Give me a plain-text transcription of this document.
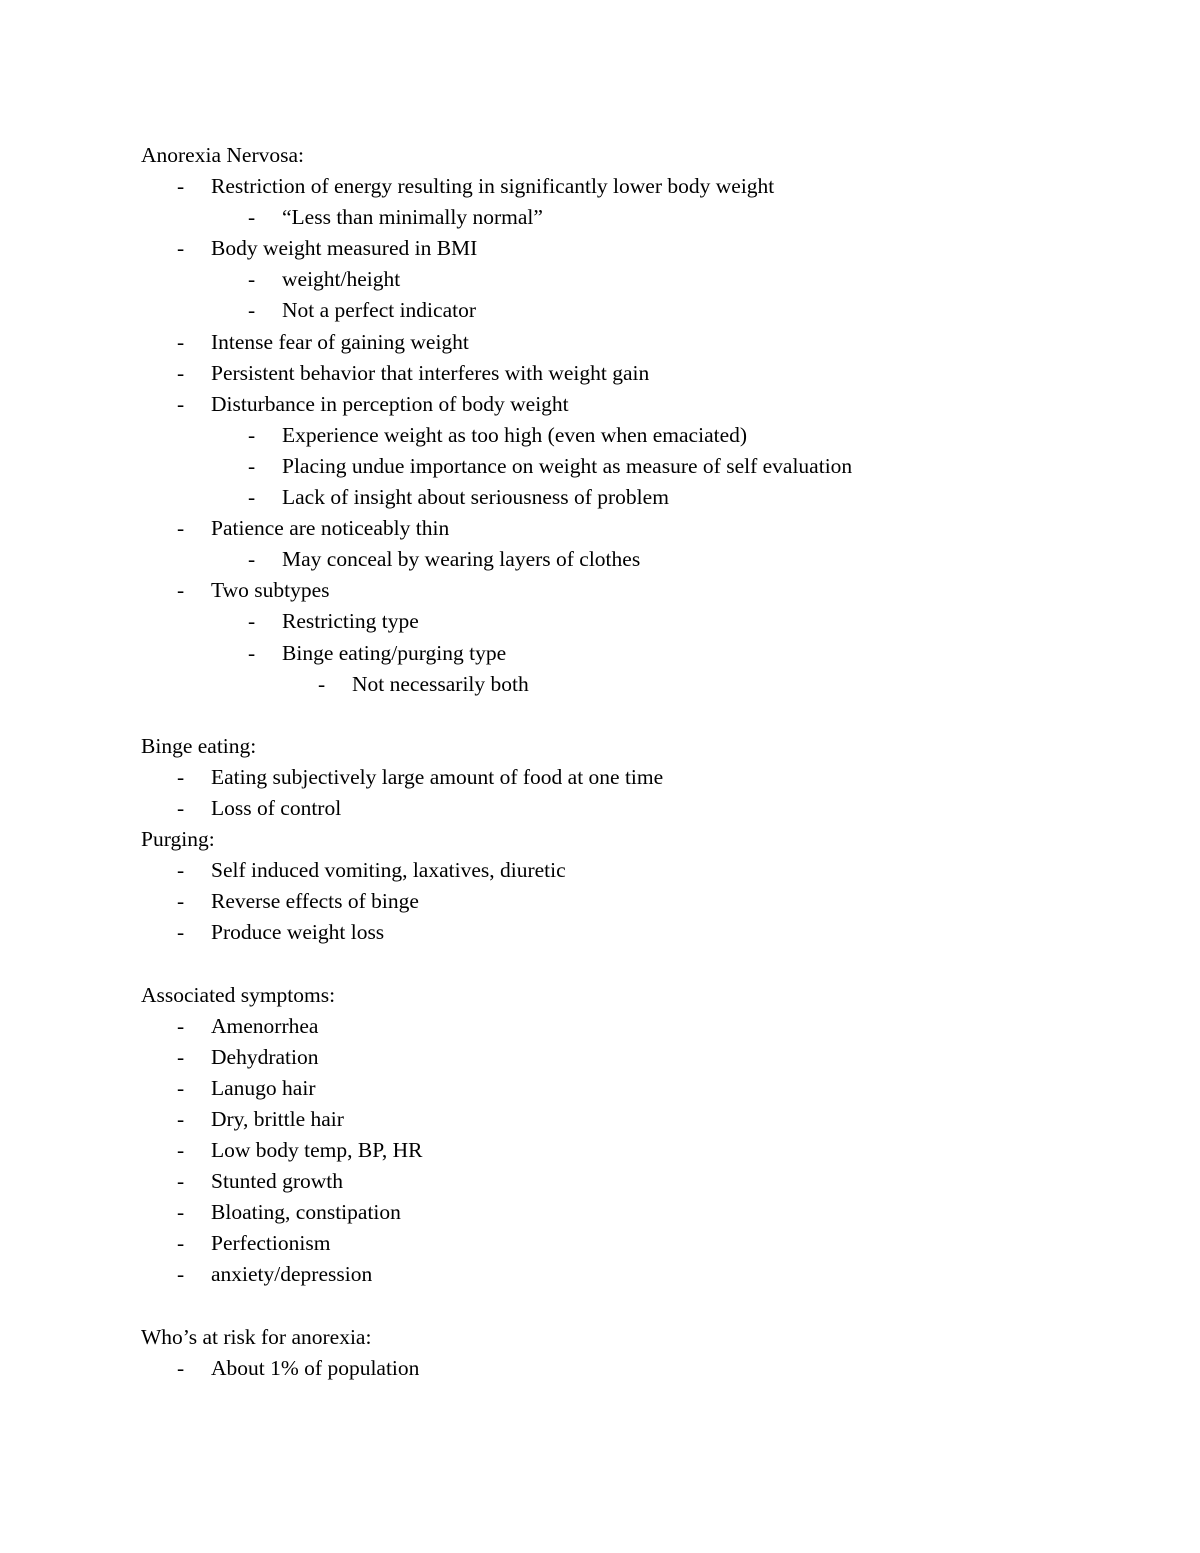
Anorexia Nervosa:
- Restriction of energy resulting in significantly lower body weight
- “Less than minimally normal”
- Body weight measured in BMI
- weight/height
- Not a perfect indicator
- Intense fear of gaining weight
- Persistent behavior that interferes with weight gain
- Disturbance in perception of body weight
- Experience weight as too high (even when emaciated)
- Placing undue importance on weight as measure of self evaluation
- Lack of insight about seriousness of problem
- Patience are noticeably thin
- May conceal by wearing layers of clothes
- Two subtypes
- Restricting type
- Binge eating/purging type
- Not necessarily both
Binge eating:
- Eating subjectively large amount of food at one time
- Loss of control
Purging:
- Self induced vomiting, laxatives, diuretic
- Reverse effects of binge
- Produce weight loss
Associated symptoms:
- Amenorrhea
- Dehydration
- Lanugo hair
- Dry, brittle hair
- Low body temp, BP, HR
- Stunted growth
- Bloating, constipation
- Perfectionism
- anxiety/depression
Who’s at risk for anorexia:
- About 1% of population
